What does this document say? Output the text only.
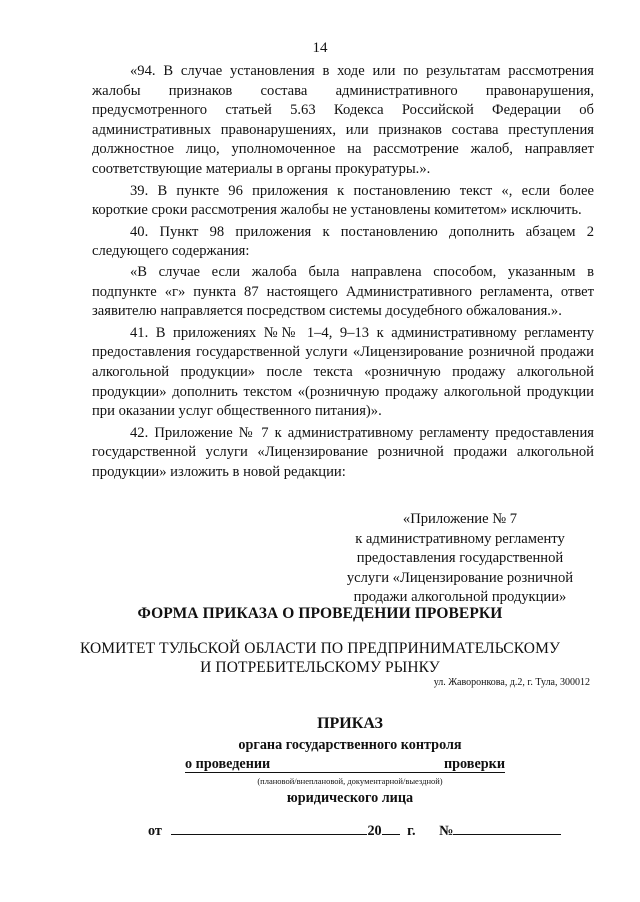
14

«94. В случае установления в ходе или по результатам рассмотрения жалобы признаков состава административного правонарушения, предусмотренного статьей 5.63 Кодекса Российской Федерации об административных правонарушениях, или признаков состава преступления должностное лицо, уполномоченное на рассмотрение жалоб, направляет соответствующие материалы в органы прокуратуры.».

39. В пункте 96 приложения к постановлению текст «, если более короткие сроки рассмотрения жалобы не установлены комитетом» исключить.

40. Пункт 98 приложения к постановлению дополнить абзацем 2 следующего содержания:

«В случае если жалоба была направлена способом, указанным в подпункте «г» пункта 87 настоящего Административного регламента, ответ заявителю направляется посредством системы досудебного обжалования.».

41. В приложениях №№ 1–4, 9–13 к административному регламенту предоставления государственной услуги «Лицензирование розничной продажи алкогольной продукции» после текста «розничную продажу алкогольной продукции» дополнить текстом «(розничную продажу алкогольной продукции при оказании услуг общественного питания)».

42. Приложение № 7 к административному регламенту предоставления государственной услуги «Лицензирование розничной продажи алкогольной продукции» изложить в новой редакции:

«Приложение № 7
к административному регламенту
предоставления государственной
услуги «Лицензирование розничной
продажи алкогольной продукции»
ФОРМА ПРИКАЗА О ПРОВЕДЕНИИ ПРОВЕРКИ
КОМИТЕТ ТУЛЬСКОЙ ОБЛАСТИ ПО ПРЕДПРИНИМАТЕЛЬСКОМУ
И ПОТРЕБИТЕЛЬСКОМУ РЫНКУ
ул. Жаворонкова, д.2, г. Тула, 300012
ПРИКАЗ
органа государственного контроля
о проведении	проверки
(плановой/внеплановой, документарной/выездной)
юридического лица
от	20 г. №
